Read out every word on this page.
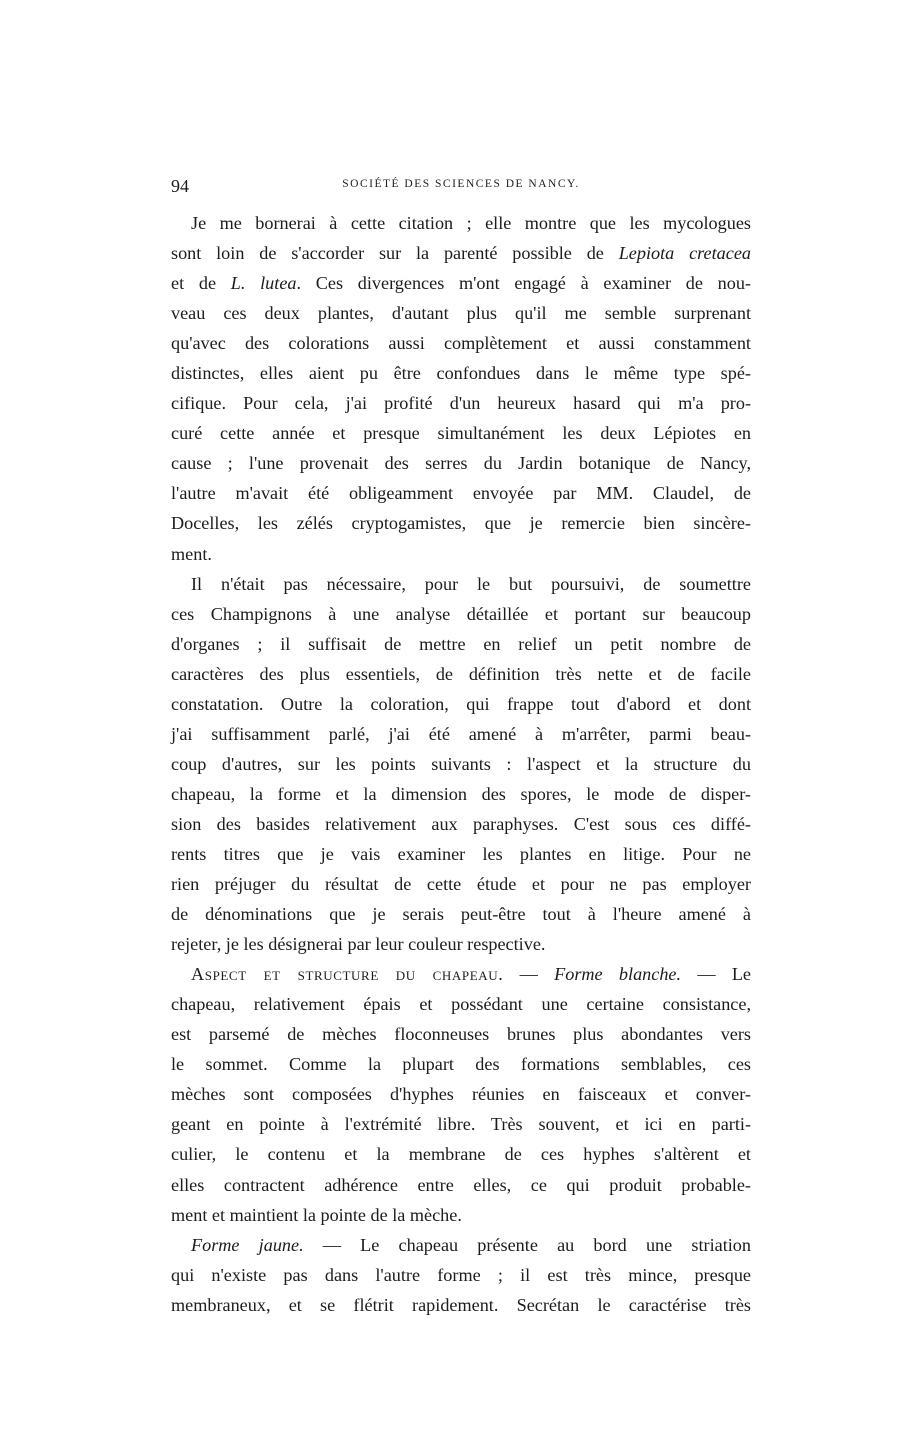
94	SOCIÉTÉ DES SCIENCES DE NANCY.
Je me bornerai à cette citation ; elle montre que les mycologues
sont loin de s'accorder sur la parenté possible de Lepiota cretacea
et de L. lutea. Ces divergences m'ont engagé à examiner de nou-
veau ces deux plantes, d'autant plus qu'il me semble surprenant
qu'avec des colorations aussi complètement et aussi constamment
distinctes, elles aient pu être confondues dans le même type spé-
cifique. Pour cela, j'ai profité d'un heureux hasard qui m'a pro-
curé cette année et presque simultanément les deux Lépiotes en
cause ; l'une provenait des serres du Jardin botanique de Nancy,
l'autre m'avait été obligeamment envoyée par MM. Claudel, de
Docelles, les zélés cryptogamistes, que je remercie bien sincère-
ment.
Il n'était pas nécessaire, pour le but poursuivi, de soumettre
ces Champignons à une analyse détaillée et portant sur beaucoup
d'organes ; il suffisait de mettre en relief un petit nombre de
caractères des plus essentiels, de définition très nette et de facile
constatation. Outre la coloration, qui frappe tout d'abord et dont
j'ai suffisamment parlé, j'ai été amené à m'arrêter, parmi beau-
coup d'autres, sur les points suivants : l'aspect et la structure du
chapeau, la forme et la dimension des spores, le mode de disper-
sion des basides relativement aux paraphyses. C'est sous ces diffé-
rents titres que je vais examiner les plantes en litige. Pour ne
rien préjuger du résultat de cette étude et pour ne pas employer
de dénominations que je serais peut-être tout à l'heure amené à
rejeter, je les désignerai par leur couleur respective.
Aspect et structure du chapeau. — Forme blanche. — Le
chapeau, relativement épais et possédant une certaine consistance,
est parsemé de mèches floconneuses brunes plus abondantes vers
le sommet. Comme la plupart des formations semblables, ces
mèches sont composées d'hyphes réunies en faisceaux et conver-
geant en pointe à l'extrémité libre. Très souvent, et ici en parti-
culier, le contenu et la membrane de ces hyphes s'altèrent et
elles contractent adhérence entre elles, ce qui produit probable-
ment et maintient la pointe de la mèche.
Forme jaune. — Le chapeau présente au bord une striation
qui n'existe pas dans l'autre forme ; il est très mince, presque
membraneux, et se flétrit rapidement. Secrétan le caractérise très
